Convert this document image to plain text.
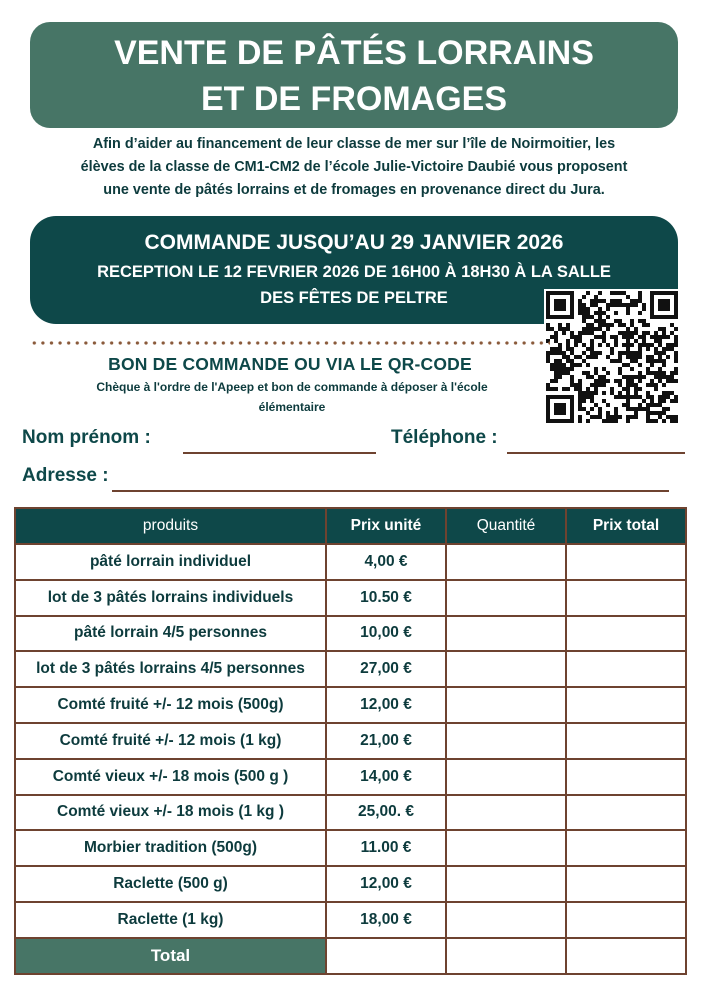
VENTE DE PÂTÉS LORRAINS
ET DE FROMAGES
Afin d’aider au financement de leur classe de mer sur l’île de Noirmoitier, les
élèves de la classe de CM1-CM2 de l’école Julie-Victoire Daubié vous proposent
une vente de pâtés lorrains et de fromages en provenance direct du Jura.
COMMANDE JUSQU’AU 29 JANVIER 2026
RECEPTION LE 12 FEVRIER 2026 DE 16H00 À 18H30 À LA SALLE
DES FÊTES DE PELTRE
BON DE COMMANDE OU VIA LE QR-CODE
Chèque à l'ordre de l'Apeep et bon de commande à déposer à l'école
élémentaire
Nom prénom :	Téléphone :
Adresse :
produits	Prix unité	Quantité	Prix total
pâté lorrain individuel	4,00 €		
lot de 3 pâtés lorrains individuels	10.50 €		
pâté lorrain 4/5 personnes	10,00 €		
lot de 3 pâtés lorrains 4/5 personnes	27,00 €		
Comté fruité +/- 12 mois (500g)	12,00 €		
Comté fruité +/- 12 mois (1 kg)	21,00 €		
Comté vieux +/- 18 mois (500 g )	14,00 €		
Comté vieux +/- 18 mois (1 kg )	25,00. €		
Morbier tradition (500g)	11.00 €		
Raclette (500 g)	12,00 €		
Raclette (1 kg)	18,00 €		
Total			
